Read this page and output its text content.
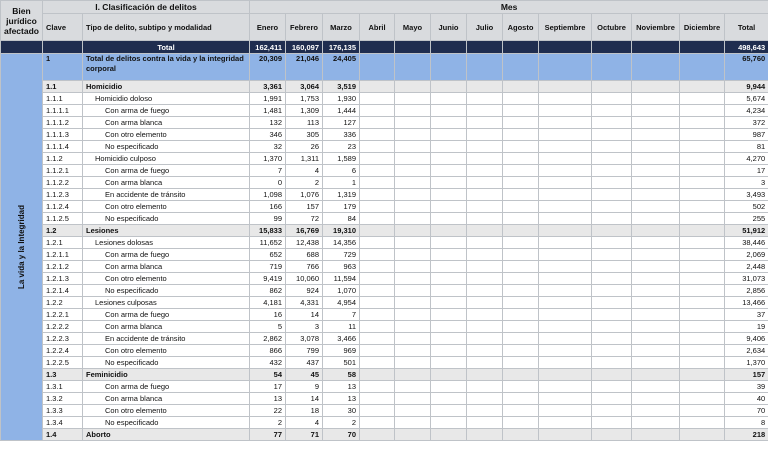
Bien jurídico afectado	I. Clasificación de delitos		Mes												
	Clave	Tipo de delito, subtipo y modalidad	Enero	Febrero	Marzo	Abril	Mayo	Junio	Julio	Agosto	Septiembre	Octubre	Noviembre	Diciembre	Total
		Total	162,411	160,097	176,135										498,643

La vida y la Integridad	1	Total de delitos contra la vida y la integridad corporal	20,309	21,046	24,405										65,760
	1.1	Homicidio	3,361	3,064	3,519										9,944
	1.1.1	Homicidio doloso	1,991	1,753	1,930										5,674
	1.1.1.1	Con arma de fuego	1,481	1,309	1,444										4,234
	1.1.1.2	Con arma blanca	132	113	127										372
	1.1.1.3	Con otro elemento	346	305	336										987
	1.1.1.4	No especificado	32	26	23										81
	1.1.2	Homicidio culposo	1,370	1,311	1,589										4,270
	1.1.2.1	Con arma de fuego	7	4	6										17
	1.1.2.2	Con arma blanca	0	2	1										3
	1.1.2.3	En accidente de tránsito	1,098	1,076	1,319										3,493
	1.1.2.4	Con otro elemento	166	157	179										502
	1.1.2.5	No especificado	99	72	84										255
	1.2	Lesiones	15,833	16,769	19,310										51,912
	1.2.1	Lesiones dolosas	11,652	12,438	14,356										38,446
	1.2.1.1	Con arma de fuego	652	688	729										2,069
	1.2.1.2	Con arma blanca	719	766	963										2,448
	1.2.1.3	Con otro elemento	9,419	10,060	11,594										31,073
	1.2.1.4	No especificado	862	924	1,070										2,856
	1.2.2	Lesiones culposas	4,181	4,331	4,954										13,466
	1.2.2.1	Con arma de fuego	16	14	7										37
	1.2.2.2	Con arma blanca	5	3	11										19
	1.2.2.3	En accidente de tránsito	2,862	3,078	3,466										9,406
	1.2.2.4	Con otro elemento	866	799	969										2,634
	1.2.2.5	No especificado	432	437	501										1,370
	1.3	Feminicidio	54	45	58										157
	1.3.1	Con arma de fuego	17	9	13										39
	1.3.2	Con arma blanca	13	14	13										40
	1.3.3	Con otro elemento	22	18	30										70
	1.3.4	No especificado	2	4	2										8
	1.4	Aborto	77	71	70										218
